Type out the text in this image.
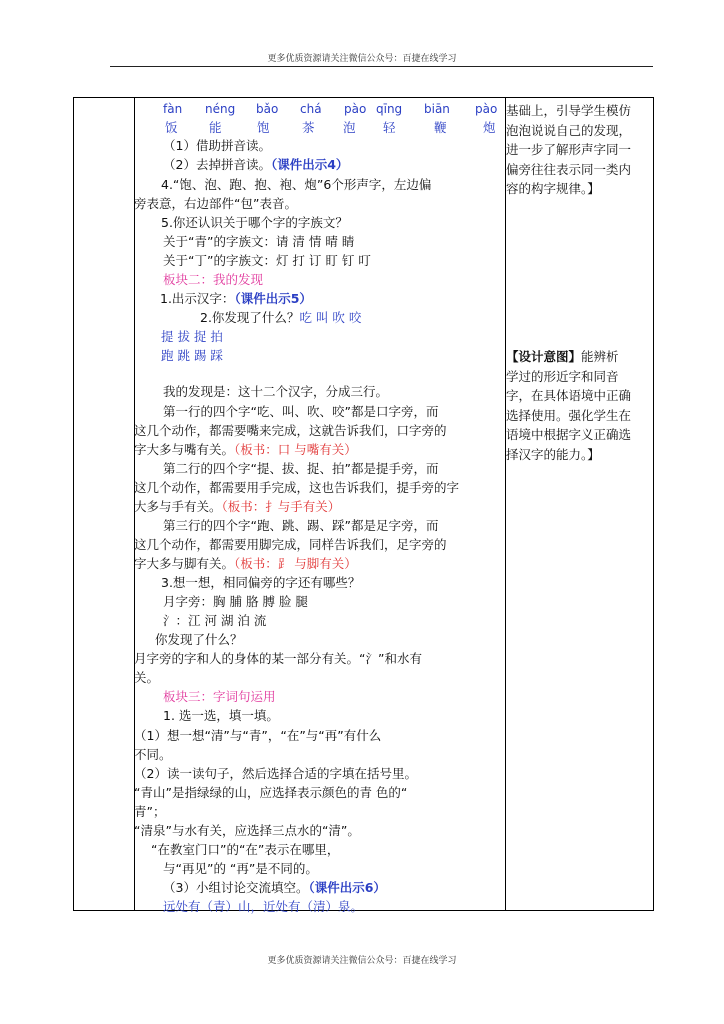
更多优质资源请关注微信公众号：百捷在线学习
fàn néng bǎo chá pào qīng biān pào
饭	能	饱	茶 泡 轻	鞭	炮
（1）借助拼音读。
（2）去掉拼音读。（课件出示4）
4.“饱、泡、跑、抱、袍、炮”6个形声字，左边偏
旁表意，右边部件“包”表音。
5.你还认识关于哪个字的字族文？
关于“青”的字族文：请 清 情 晴 睛
关于“丁”的字族文：灯 打 订 盯 钉 叮
板块二：我的发现
1.出示汉字：（课件出示5）
2.你发现了什么？吃 叫 吹 咬
提 拔 捉 拍
跑 跳 踢 踩
我的发现是：这十二个汉字，分成三行。
第一行的四个字“吃、叫、吹、咬”都是口字旁，而
这几个动作，都需要嘴来完成，这就告诉我们，口字旁的
字大多与嘴有关。（板书：口 与嘴有关）
第二行的四个字“提、拔、捉、拍”都是提手旁，而
这几个动作，都需要用手完成，这也告诉我们，提手旁的字
大多与手有关。（板书：扌与手有关）
第三行的四个字“跑、跳、踢、踩”都是足字旁，而
这几个动作，都需要用脚完成，同样告诉我们，足字旁的
字大多与脚有关。（板书：⻊ 与脚有关）
3.想一想，相同偏旁的字还有哪些？
月字旁：胸 脯 胳 膊 脸 腿
氵：江 河 湖 泊 流
你发现了什么？
月字旁的字和人的身体的某一部分有关。“氵”和水有
关。
板块三：字词句运用
1. 选一选，填一填。
（1）想一想“清”与“青”，“在”与“再”有什么
不同。
（2）读一读句子，然后选择合适的字填在括号里。
“青山”是指绿绿的山，应选择表示颜色的青 色的“
青”；
“清泉”与水有关，应选择三点水的“清”。
“在教室门口”的“在”表示在哪里，
与“再见”的 “再”是不同的。
（3）小组讨论交流填空。（课件出示6）
远处有（青）山，近处有（清）泉。
基础上，引导学生模仿
泡泡说说自己的发现，
进一步了解形声字同一
偏旁往往表示同一类内
容的构字规律。】
【设计意图】能辨析
学过的形近字和同音
字，在具体语境中正确
选择使用。强化学生在
语境中根据字义正确选
择汉字的能力。】
更多优质资源请关注微信公众号：百捷在线学习
